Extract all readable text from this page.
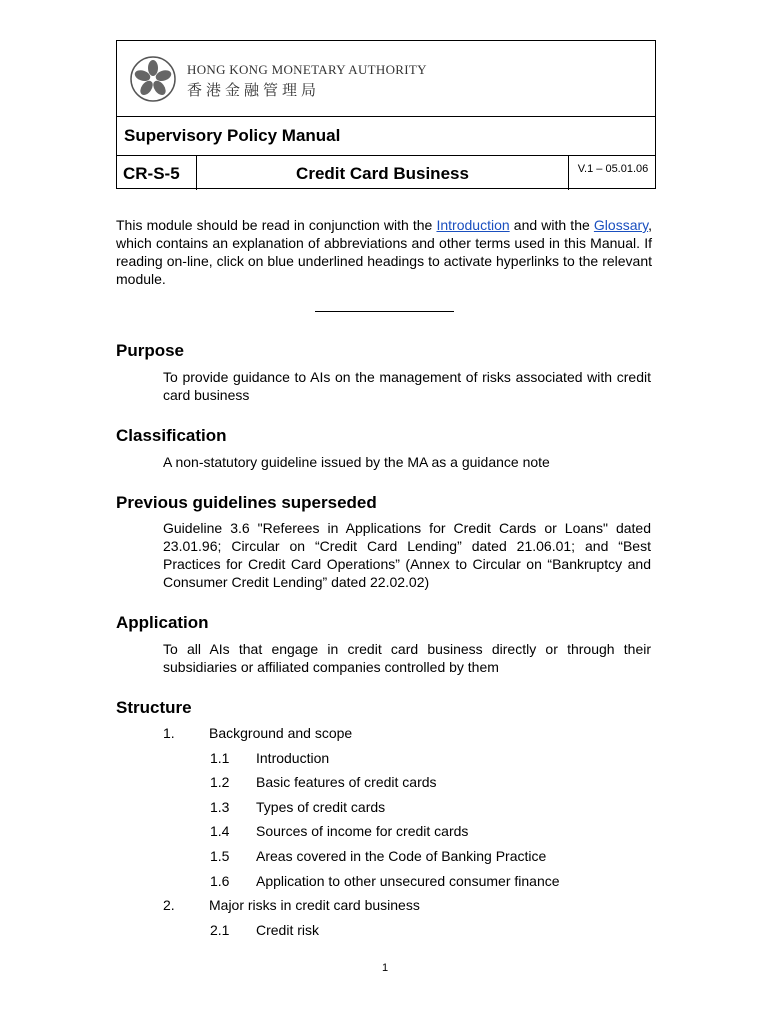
HONG KONG MONETARY AUTHORITY
香港金融管理局
Supervisory Policy Manual
CR-S-5	Credit Card Business	V.1 – 05.01.06
This module should be read in conjunction with the Introduction and with the Glossary, which contains an explanation of abbreviations and other terms used in this Manual. If reading on-line, click on blue underlined headings to activate hyperlinks to the relevant module.
Purpose
To provide guidance to AIs on the management of risks associated with credit card business
Classification
A non-statutory guideline issued by the MA as a guidance note
Previous guidelines superseded
Guideline 3.6 "Referees in Applications for Credit Cards or Loans" dated 23.01.96; Circular on “Credit Card Lending” dated 21.06.01; and “Best Practices for Credit Card Operations” (Annex to Circular on “Bankruptcy and Consumer Credit Lending” dated 22.02.02)
Application
To all AIs that engage in credit card business directly or through their subsidiaries or affiliated companies controlled by them
Structure
1. Background and scope
1.1 Introduction
1.2 Basic features of credit cards
1.3 Types of credit cards
1.4 Sources of income for credit cards
1.5 Areas covered in the Code of Banking Practice
1.6 Application to other unsecured consumer finance
2. Major risks in credit card business
2.1 Credit risk
1
